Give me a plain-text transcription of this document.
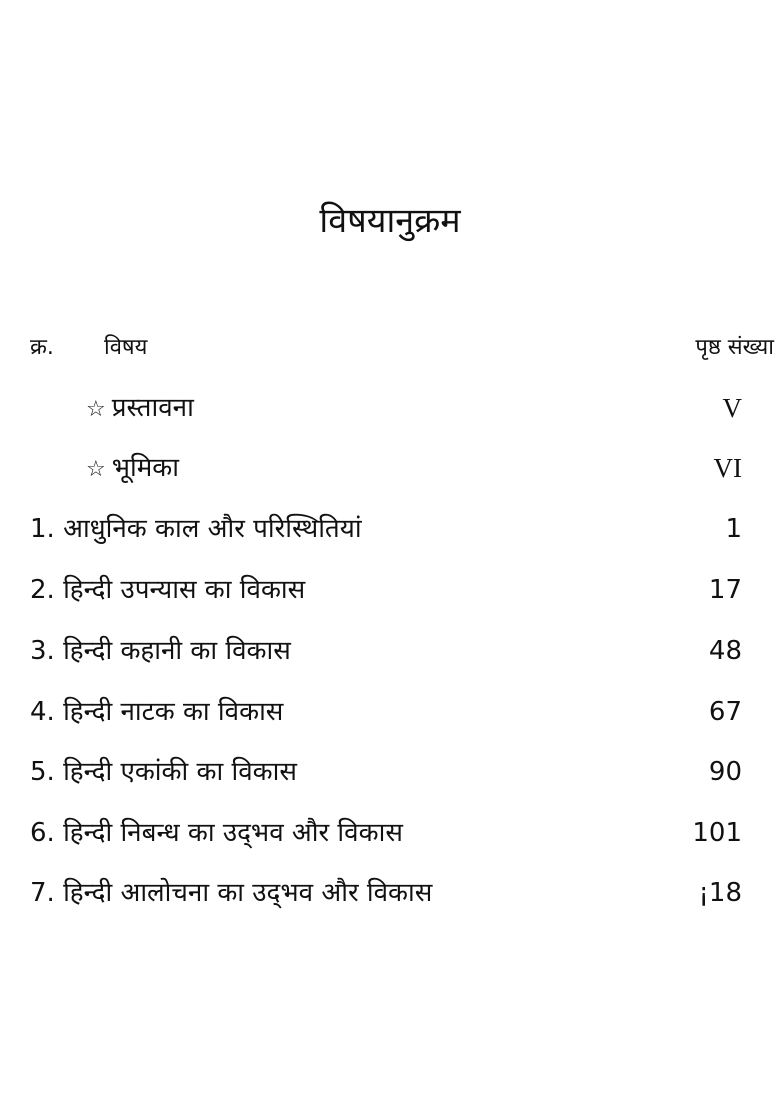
विषयानुक्रम
क्र. विषय	पृष्ठ संख्या
☆ प्रस्तावना	V
☆ भूमिका	VI
1. आधुनिक काल और परिस्थितियां	1
2. हिन्दी उपन्यास का विकास	17
3. हिन्दी कहानी का विकास	48
4. हिन्दी नाटक का विकास	67
5. हिन्दी एकांकी का विकास	90
6. हिन्दी निबन्ध का उद्‌भव और विकास	101
7. हिन्दी आलोचना का उद्‌भव और विकास	¡18
